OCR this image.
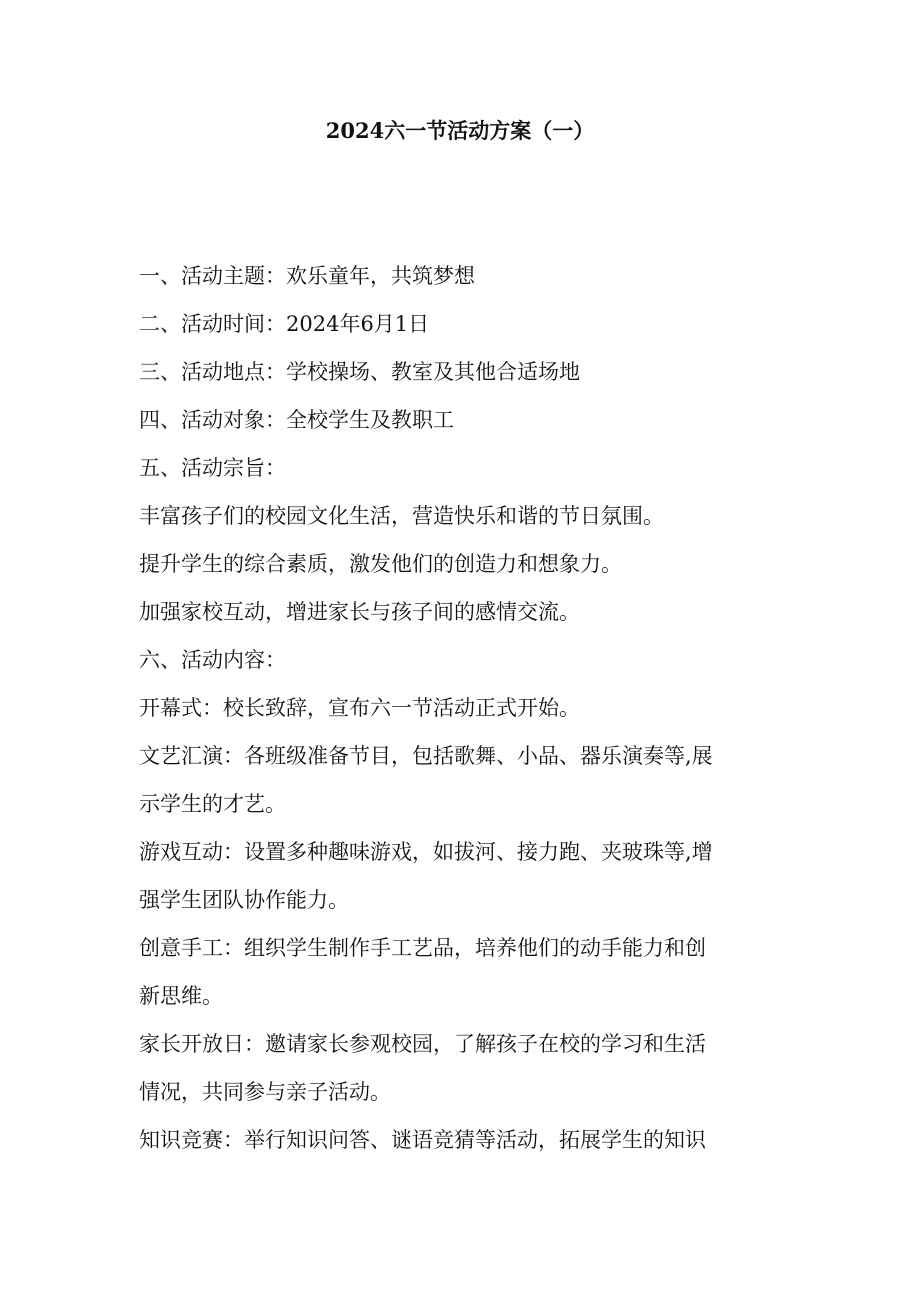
2024六一节活动方案（一）
一、活动主题：欢乐童年，共筑梦想
二、活动时间：2024年6月1日
三、活动地点：学校操场、教室及其他合适场地
四、活动对象：全校学生及教职工
五、活动宗旨：
丰富孩子们的校园文化生活，营造快乐和谐的节日氛围。
提升学生的综合素质，激发他们的创造力和想象力。
加强家校互动，增进家长与孩子间的感情交流。
六、活动内容：
开幕式：校长致辞，宣布六一节活动正式开始。
文艺汇演：各班级准备节目，包括歌舞、小品、器乐演奏等,展
示学生的才艺。
游戏互动：设置多种趣味游戏，如拔河、接力跑、夹玻珠等,增
强学生团队协作能力。
创意手工：组织学生制作手工艺品，培养他们的动手能力和创
新思维。
家长开放日：邀请家长参观校园，了解孩子在校的学习和生活
情况，共同参与亲子活动。
知识竞赛：举行知识问答、谜语竞猜等活动，拓展学生的知识
